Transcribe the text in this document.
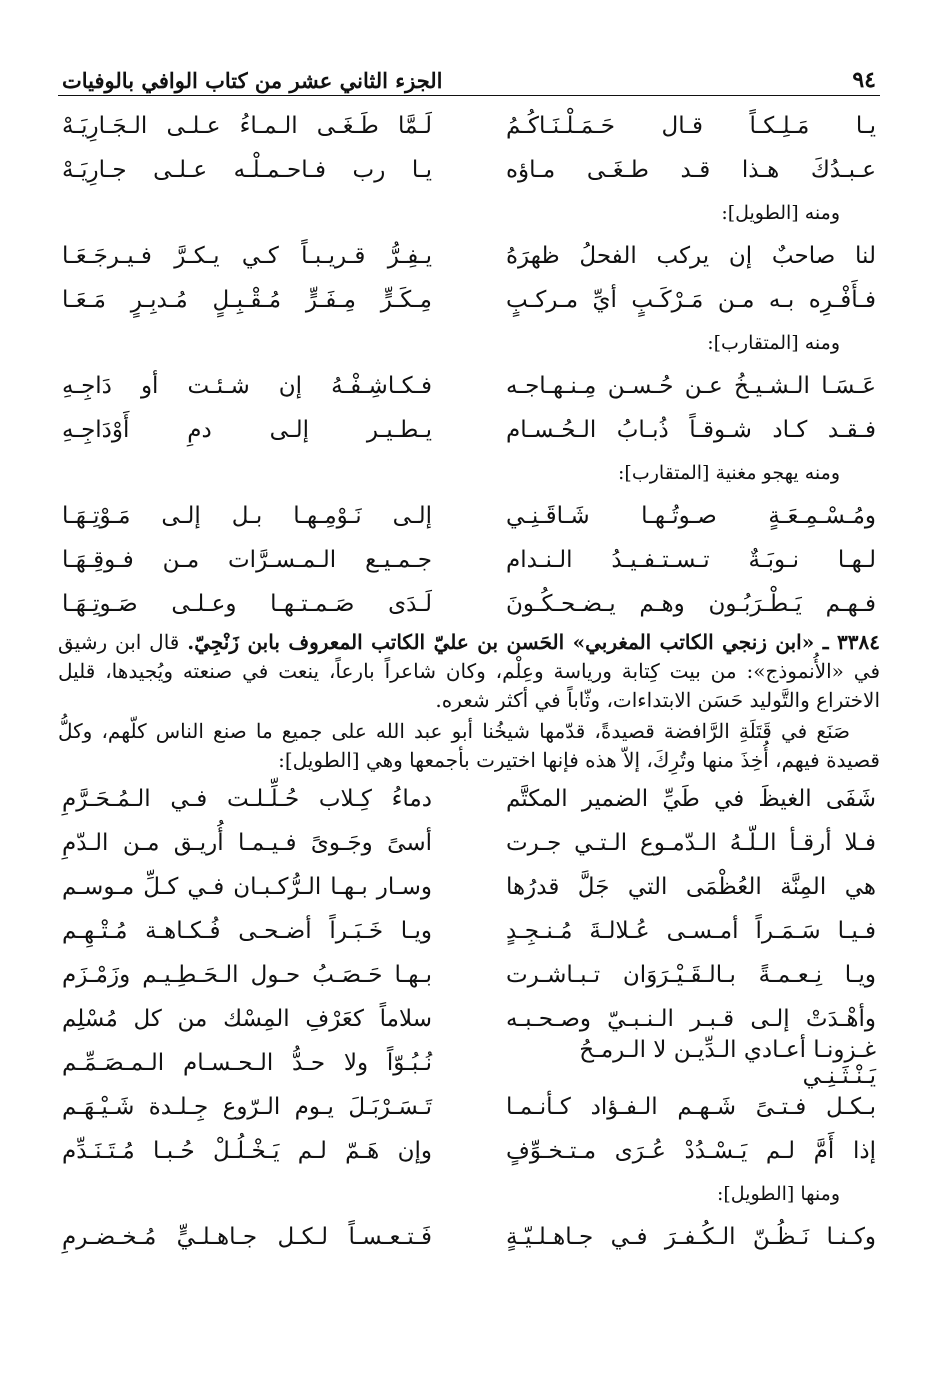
٩٤
الجزء الثاني عشر من كتاب الوافي بالوفيات
يـا مَـلِـكـاً قـال حَـمَـلْـنَـاكُـمُ
لَـمَّا طَـغَـى الـمـاءُ عـلـى الـجَـارِيَـهْ
عـبـدُكَ هـذا قـد طـغَـى مـاؤه
يـا رب فـاحـمـلْـه عـلـى جـارِيَـهْ
ومنه [الطويل]:
لنا صاحبٌ إن يركب الفحلُ ظهرَهُ
يـفِـرُّ قـريـبـاً كـي يـكـرَّ فـيـرجَـعَـا
فـأَفْـرِه بـه مـن مَـرْكَـبٍ أيِّ مـركـبٍ
مِـكَـرٍّ مِـفَـرٍّ مُـقْـبِـلٍ مُـدبِـرٍ مَـعَـا
ومنه [المتقارب]:
عَـسَـا الـشـيـخُ عـن حُـسـن مِـنـهـاجـه
فـكـاشِـفْـهُ إن شـئـت أو دَاجِـهِ
فـقـد كـاد شـوقـاً ذُبـابُ الـحُـسـام
يـطـيـر إلـى دمِ أَوْدَاجِـهِ
ومنه يهجو مغنية [المتقارب]:
ومُـسْـمِـعَـةٍ صـوتُـهـا شَـاقَـنِـي
إلـى نَـوْمِـهـا بـل إلـى مَـوْتِـهَـا
لـهـا نـوبَـةٌ تـسـتـفـيـدُ الـنـدام
جـمـيـع الـمـسـرَّات مـن فـوقِـهَـا
فـهـم يَـطْـرَبُـون وهـم يـضـحـكُـونَ
لَـدَى صَـمـتـهـا وعـلـى صَـوتِـهَـا
٣٣٨٤ ـ «ابن زنجي الكاتب المغربي» الحَسن بن عليّ الكاتب المعروف بابن زَنْجِيّ. قال ابن رشيق في «الأُنموذج»: من بيت كِتابة ورياسة وعِلْم، وكان شاعراً بارعاً، ينعت في صنعته ويُجيدها، قليل الاختراع والتَّوليد حَسَن الابتداءات، وثّاباً في أكثر شعره.
صَنَع في قَتَلَةِ الرَّافضة قصيدةً، قدّمها شيخُنا أبو عبد الله على جميع ما صنع الناس كلّهم، وكلُّ قصيدة فيهم، أُخِذَ منها وتُرِكَ، إلاّ هذه فإنها اختيرت بأجمعها وهي [الطويل]:
شَفَى الغيظَ في طَيِّ الضمير المكتَّم
دماءُ كِـلاب حُـلِّـلـت فـي الـمُـحَـرَّمِ
فـلا أرقـأ الـلّـهُ الـدّمـوع الـتـي جـرت
أسىً وجَـوىً فـيـمـا أُريـق مـن الـدّمِ
هي المِنَّة العُظْمَى التي جَلَّ قدرُها
وسـار بـهـا الـرُّكـبـان فـي كـلِّ مـوسـم
فـيـا سَـمَـراً أمـسـى عُـلالـةَ مُـنـجِـدٍ
ويـا خَـبَـراً أضـحـى فُـكـاهـة مُـتْـهِـم
ويـا نِـعـمـةً بـالـقَـيْـرَوَان تـبـاشـرت
بـهـا حَـصَـبُ حـول الـحَـطِـيـم وزَمْـزَم
وأهْـدَتْ إلـى قـبـر الـنـبـيّ وصـحـبـه
سلاماً كعَرْفِ المِسْك من كل مُسْلِم
غـزونـا أعـادي الـدِّيـن لا الـرمـحُ يَـنْـثَـنِـي
نُـبُـوّاً ولا حـدُّ الـحـسـام الـمـصَـمِّـم
بـكـل فـتـىً شَـهـم الـفـؤاد كـأنـمـا
تَـسَـرْبَـلَ يـوم الـرّوع جِـلـدة شَـيْـهَـم
إذا أَمَّ لـم يَـسْـدُدْ عُـرَى مـتـخـوِّفٍ
وإن هَـمّ لـم يَـخْـلُـلْ حُـبـا مُـتَـنَـدِّم
ومنها [الطويل]:
وكـنـا نَـظُـنّ الـكُـفـرَ فـي جـاهـلـيّـةٍ
فَـتـعـسـاً لـكـل جـاهـلـيٍّ مُـخـضـرمِ
